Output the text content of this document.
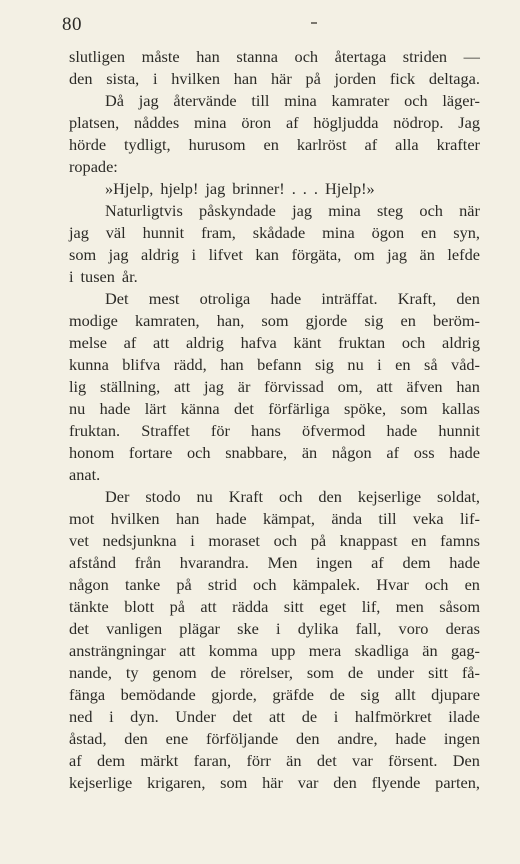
80
slutligen måste han stanna och återtaga striden —
den sista, i hvilken han här på jorden fick deltaga.
Då jag återvände till mina kamrater och läger-
platsen, nåddes mina öron af högljudda nödrop. Jag
hörde tydligt, hurusom en karlröst af alla krafter
ropade:
»Hjelp, hjelp! jag brinner! . . . Hjelp!»
Naturligtvis påskyndade jag mina steg och när
jag väl hunnit fram, skådade mina ögon en syn,
som jag aldrig i lifvet kan förgäta, om jag än lefde
i tusen år.
Det mest otroliga hade inträffat. Kraft, den
modige kamraten, han, som gjorde sig en beröm-
melse af att aldrig hafva känt fruktan och aldrig
kunna blifva rädd, han befann sig nu i en så våd-
lig ställning, att jag är förvissad om, att äfven han
nu hade lärt känna det förfärliga spöke, som kallas
fruktan. Straffet för hans öfvermod hade hunnit
honom fortare och snabbare, än någon af oss hade
anat.
Der stodo nu Kraft och den kejserlige soldat,
mot hvilken han hade kämpat, ända till veka lif-
vet nedsjunkna i moraset och på knappast en famns
afstånd från hvarandra. Men ingen af dem hade
någon tanke på strid och kämpalek. Hvar och en
tänkte blott på att rädda sitt eget lif, men såsom
det vanligen plägar ske i dylika fall, voro deras
ansträngningar att komma upp mera skadliga än gag-
nande, ty genom de rörelser, som de under sitt få-
fänga bemödande gjorde, gräfde de sig allt djupare
ned i dyn. Under det att de i halfmörkret ilade
åstad, den ene förföljande den andre, hade ingen
af dem märkt faran, förr än det var försent. Den
kejserlige krigaren, som här var den flyende parten,
